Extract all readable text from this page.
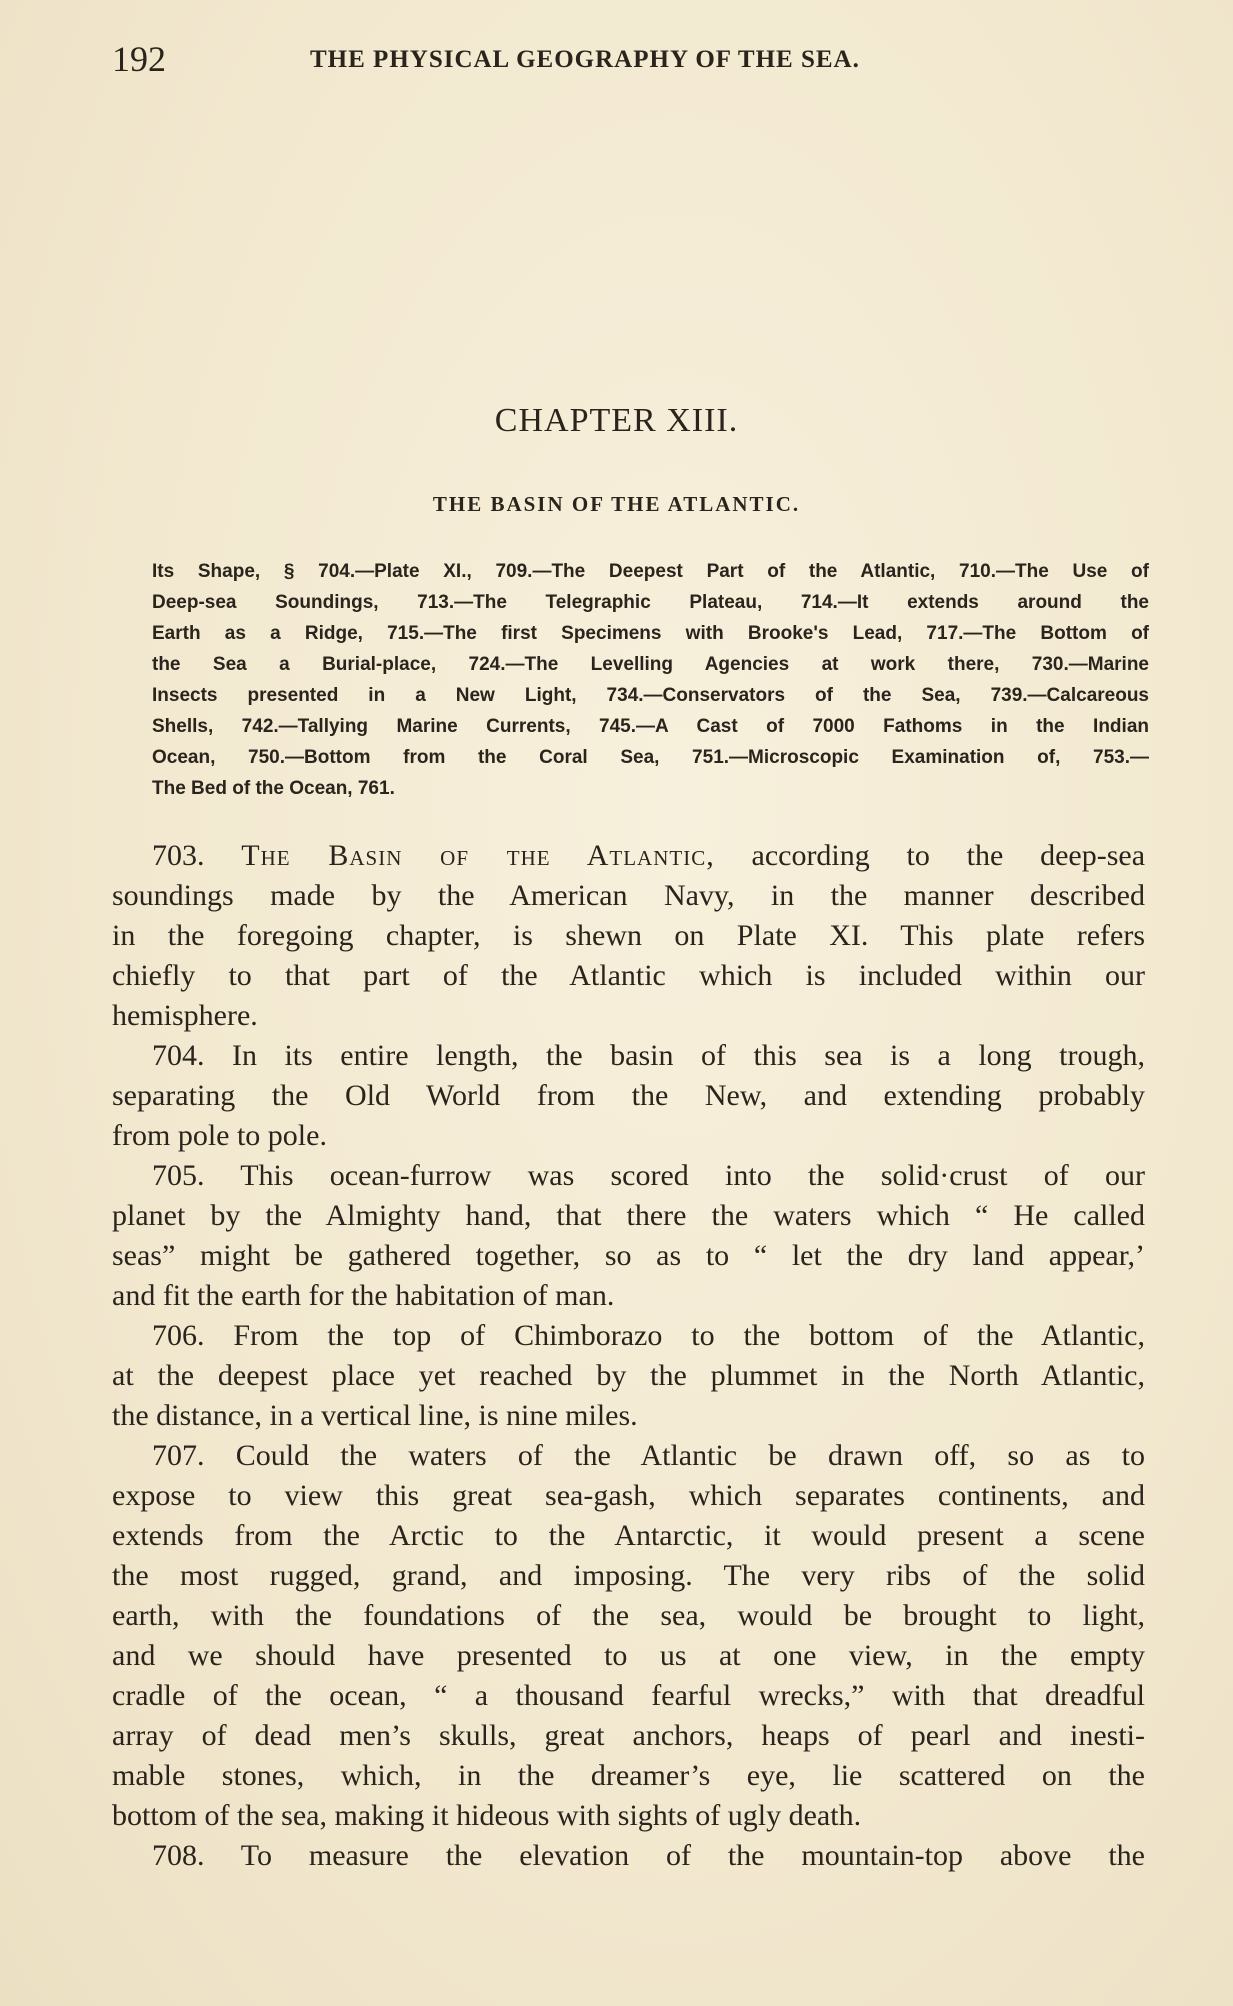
192	THE PHYSICAL GEOGRAPHY OF THE SEA.
CHAPTER XIII.
THE BASIN OF THE ATLANTIC.
Its Shape, § 704.—Plate XI., 709.—The Deepest Part of the Atlantic, 710.—The Use of
Deep-sea Soundings, 713.—The Telegraphic Plateau, 714.—It extends around the
Earth as a Ridge, 715.—The first Specimens with Brooke's Lead, 717.—The Bottom of
the Sea a Burial-place, 724.—The Levelling Agencies at work there, 730.—Marine
Insects presented in a New Light, 734.—Conservators of the Sea, 739.—Calcareous
Shells, 742.—Tallying Marine Currents, 745.—A Cast of 7000 Fathoms in the Indian
Ocean, 750.—Bottom from the Coral Sea, 751.—Microscopic Examination of, 753.—
The Bed of the Ocean, 761.
703. The Basin of the Atlantic, according to the deep-sea
soundings made by the American Navy, in the manner described
in the foregoing chapter, is shewn on Plate XI. This plate refers
chiefly to that part of the Atlantic which is included within our
hemisphere.
704. In its entire length, the basin of this sea is a long trough,
separating the Old World from the New, and extending probably
from pole to pole.
705. This ocean-furrow was scored into the solid·crust of our
planet by the Almighty hand, that there the waters which “ He called
seas” might be gathered together, so as to “ let the dry land appear,’
and fit the earth for the habitation of man.
706. From the top of Chimborazo to the bottom of the Atlantic,
at the deepest place yet reached by the plummet in the North Atlantic,
the distance, in a vertical line, is nine miles.
707. Could the waters of the Atlantic be drawn off, so as to
expose to view this great sea-gash, which separates continents, and
extends from the Arctic to the Antarctic, it would present a scene
the most rugged, grand, and imposing. The very ribs of the solid
earth, with the foundations of the sea, would be brought to light,
and we should have presented to us at one view, in the empty
cradle of the ocean, “ a thousand fearful wrecks,” with that dreadful
array of dead men’s skulls, great anchors, heaps of pearl and inesti-
mable stones, which, in the dreamer’s eye, lie scattered on the
bottom of the sea, making it hideous with sights of ugly death.
708. To measure the elevation of the mountain-top above the
